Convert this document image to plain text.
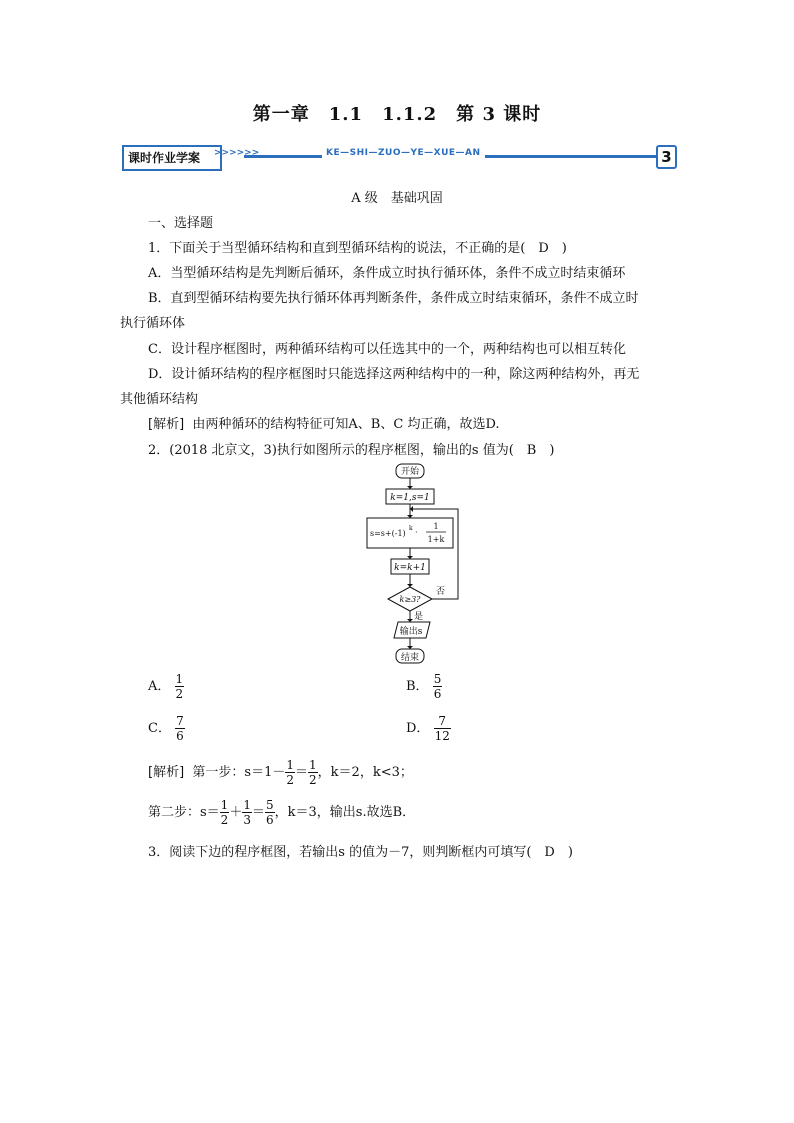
第一章　1.1　1.1.2　第 3 课时
课时作业学案	>>>>>>	KE—SHI—ZUO—YE—XUE—AN	3
A 级　基础巩固
一、选择题
1．下面关于当型循环结构和直到型循环结构的说法，不正确的是(　D　)
A．当型循环结构是先判断后循环，条件成立时执行循环体，条件不成立时结束循环
B．直到型循环结构要先执行循环体再判断条件，条件成立时结束循环，条件不成立时
执行循环体
C．设计程序框图时，两种循环结构可以任选其中的一个，两种结构也可以相互转化
D．设计循环结构的程序框图时只能选择这两种结构中的一种，除这两种结构外，再无
其他循环结构
[解析] 由两种循环的结构特征可知A、B、C 均正确，故选D.
2．(2018 北京文，3)执行如图所示的程序框图，输出的s 值为(　B　)
开始
k=1,s=1
s=s+(-1)
k ·
1
1+k
k=k+1
k≥3?
否
是
输出s
结束
A． $\frac{1}{2}$	B． $\frac{5}{6}$
C． $\frac{7}{6}$	D． $\frac{7}{12}$
[解析] 第一步：$s=1- \frac{1}{2} = \frac{1}{2}$ ，k＝2，k<3；
第二步：$s= \frac{1}{2} + \frac{1}{3} = \frac{5}{6}$ ，k＝3，输出s.故选B．
3．阅读下边的程序框图，若输出s 的值为－7，则判断框内可填写(　D　)
